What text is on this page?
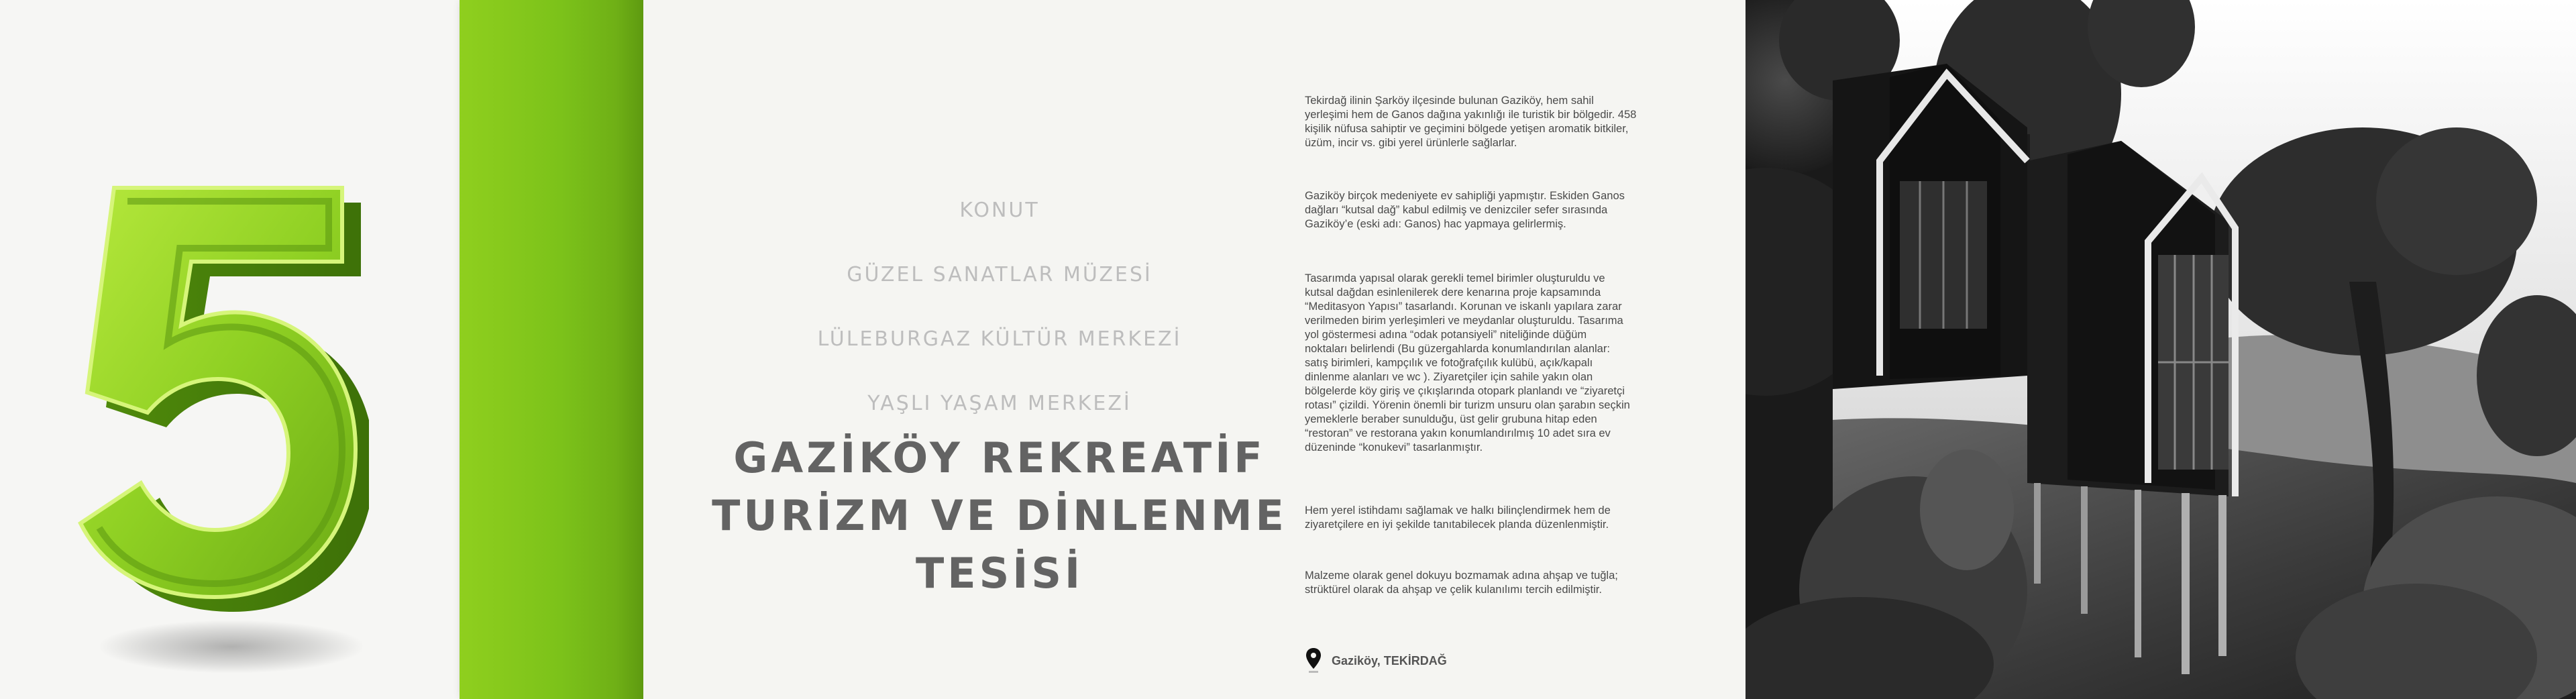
KONUT
GÜZEL SANATLAR MÜZESİ
LÜLEBURGAZ KÜLTÜR MERKEZİ
YAŞLI YAŞAM MERKEZİ
GAZİKÖY REKREATİF
TURİZM VE DİNLENME
TESİSİ

Tekirdağ ilinin Şarköy ilçesinde bulunan Gaziköy, hem sahil
yerleşimi hem de Ganos dağına yakınlığı ile turistik bir bölgedir. 458
kişilik nüfusa sahiptir ve geçimini bölgede yetişen aromatik bitkiler,
üzüm, incir vs. gibi yerel ürünlerle sağlarlar.

Gaziköy birçok medeniyete ev sahipliği yapmıştır. Eskiden Ganos
dağları “kutsal dağ” kabul edilmiş ve denizciler sefer sırasında
Gaziköy’e (eski adı: Ganos) hac yapmaya gelirlermiş.

Tasarımda yapısal olarak gerekli temel birimler oluşturuldu ve
kutsal dağdan esinlenilerek dere kenarına proje kapsamında
“Meditasyon Yapısı” tasarlandı. Korunan ve iskanlı yapılara zarar
verilmeden birim yerleşimleri ve meydanlar oluşturuldu. Tasarıma
yol göstermesi adına “odak potansiyeli” niteliğinde düğüm
noktaları belirlendi (Bu güzergahlarda konumlandırılan alanlar:
satış birimleri, kampçılık ve fotoğrafçılık kulübü, açık/kapalı
dinlenme alanları ve wc ). Ziyaretçiler için sahile yakın olan
bölgelerde köy giriş ve çıkışlarında otopark planlandı ve “ziyaretçi
rotası” çizildi. Yörenin önemli bir turizm unsuru olan şarabın seçkin
yemeklerle beraber sunulduğu, üst gelir grubuna hitap eden
“restoran” ve restorana yakın konumlandırılmış 10 adet sıra ev
düzeninde “konukevi” tasarlanmıştır.

Hem yerel istihdamı sağlamak ve halkı bilinçlendirmek hem de
ziyaretçilere en iyi şekilde tanıtabilecek planda düzenlenmiştir.

Malzeme olarak genel dokuyu bozmamak adına ahşap ve tuğla;
strüktürel olarak da ahşap ve çelik kulanılımı tercih edilmiştir.

Gaziköy, TEKİRDAĞ
